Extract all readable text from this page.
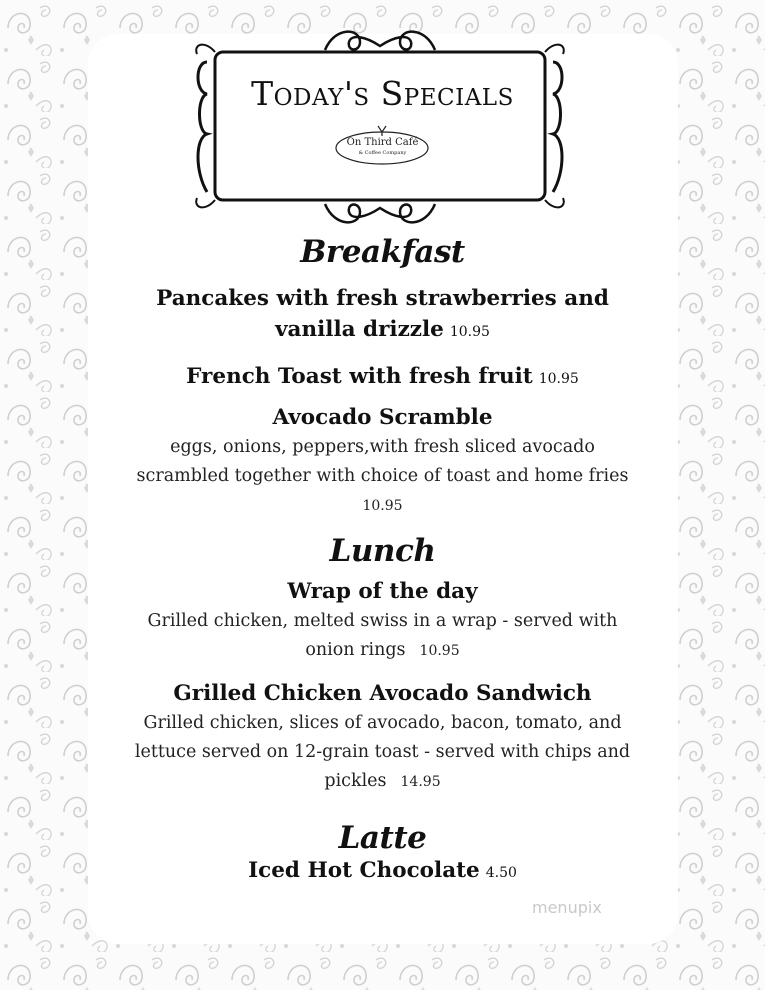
Today's Specials
On Third Café
& Coffee Company
Breakfast
Pancakes with fresh strawberries and
vanilla drizzle 10.95
French Toast with fresh fruit 10.95
Avocado Scramble
eggs, onions, peppers,with fresh sliced avocado
scrambled together with choice of toast and home fries
10.95
Lunch
Wrap of the day
Grilled chicken, melted swiss in a wrap - served with
onion rings 10.95
Grilled Chicken Avocado Sandwich
Grilled chicken, slices of avocado, bacon, tomato, and
lettuce served on 12-grain toast - served with chips and
pickles 14.95
Latte
Iced Hot Chocolate 4.50
menupix
